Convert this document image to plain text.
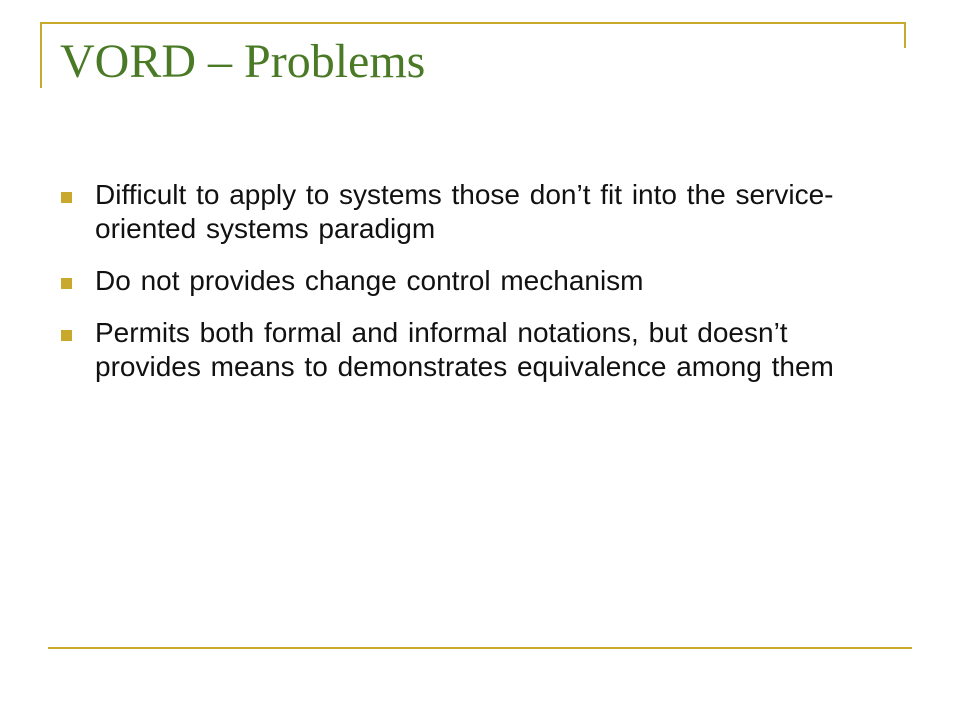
VORD – Problems
Difficult to apply to systems those don’t fit into the service-oriented systems paradigm
Do not provides change control mechanism
Permits both formal and informal notations, but doesn’t provides means to demonstrates equivalence among them
